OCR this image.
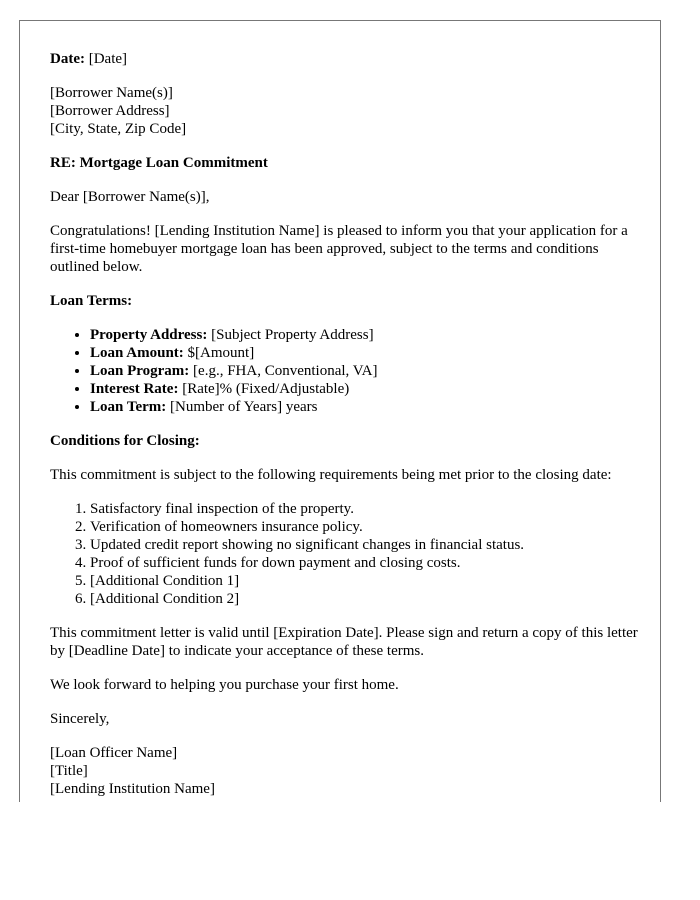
Date: [Date]

[Borrower Name(s)]
[Borrower Address]
[City, State, Zip Code]

RE: Mortgage Loan Commitment

Dear [Borrower Name(s)],

Congratulations! [Lending Institution Name] is pleased to inform you that your application for a first-time homebuyer mortgage loan has been approved, subject to the terms and conditions outlined below.

Loan Terms:

• Property Address: [Subject Property Address]
• Loan Amount: $[Amount]
• Loan Program: [e.g., FHA, Conventional, VA]
• Interest Rate: [Rate]% (Fixed/Adjustable)
• Loan Term: [Number of Years] years

Conditions for Closing:

This commitment is subject to the following requirements being met prior to the closing date:

1. Satisfactory final inspection of the property.
2. Verification of homeowners insurance policy.
3. Updated credit report showing no significant changes in financial status.
4. Proof of sufficient funds for down payment and closing costs.
5. [Additional Condition 1]
6. [Additional Condition 2]

This commitment letter is valid until [Expiration Date]. Please sign and return a copy of this letter by [Deadline Date] to indicate your acceptance of these terms.

We look forward to helping you purchase your first home.

Sincerely,

[Loan Officer Name]
[Title]
[Lending Institution Name]
